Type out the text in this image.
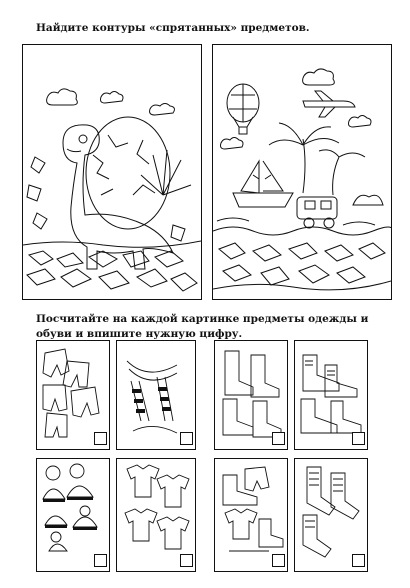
Найдите контуры «спрятанных» предметов.
Посчитайте на каждой картинке предметы одежды и обуви и впишите нужную цифру.
